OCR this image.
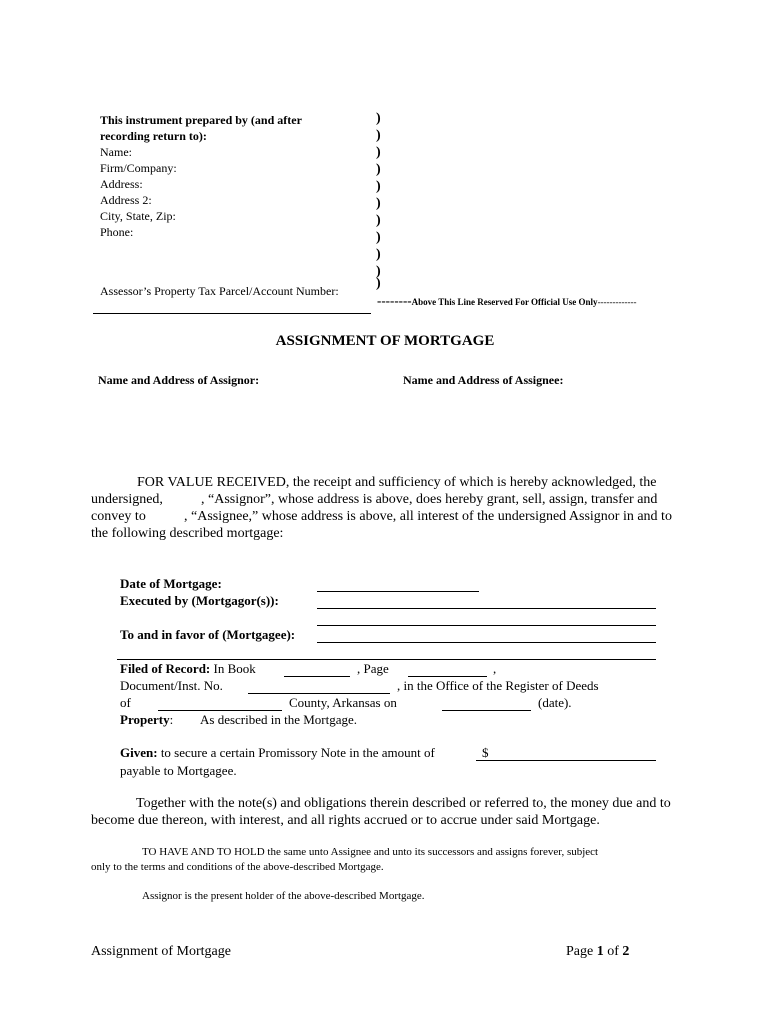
This instrument prepared by (and after
recording return to):
Name:
Firm/Company:
Address:
Address 2:
City, State, Zip:
Phone:
)
)
)
)
)
)
)
)
)
)
)
Assessor’s Property Tax Parcel/Account Number:
--------Above This Line Reserved For Official Use Only-------------
ASSIGNMENT OF MORTGAGE
Name and Address of Assignor:	Name and Address of Assignee:
FOR VALUE RECEIVED, the receipt and sufficiency of which is hereby acknowledged, the
undersigned,	, “Assignor”, whose address is above, does hereby grant, sell, assign, transfer and
convey to	, “Assignee,” whose address is above, all interest of the undersigned Assignor in and to
the following described mortgage:
Date of Mortgage:
Executed by (Mortgagor(s)):
To and in favor of (Mortgagee):
Filed of Record: In Book	, Page	,
Document/Inst. No.	, in the Office of the Register of Deeds
of	County, Arkansas on	(date).
Property: As described in the Mortgage.
Given: to secure a certain Promissory Note in the amount of	$
payable to Mortgagee.
Together with the note(s) and obligations therein described or referred to, the money due and to
become due thereon, with interest, and all rights accrued or to accrue under said Mortgage.
TO HAVE AND TO HOLD the same unto Assignee and unto its successors and assigns forever, subject
only to the terms and conditions of the above-described Mortgage.
Assignor is the present holder of the above-described Mortgage.
Assignment of Mortgage	Page 1 of 2
